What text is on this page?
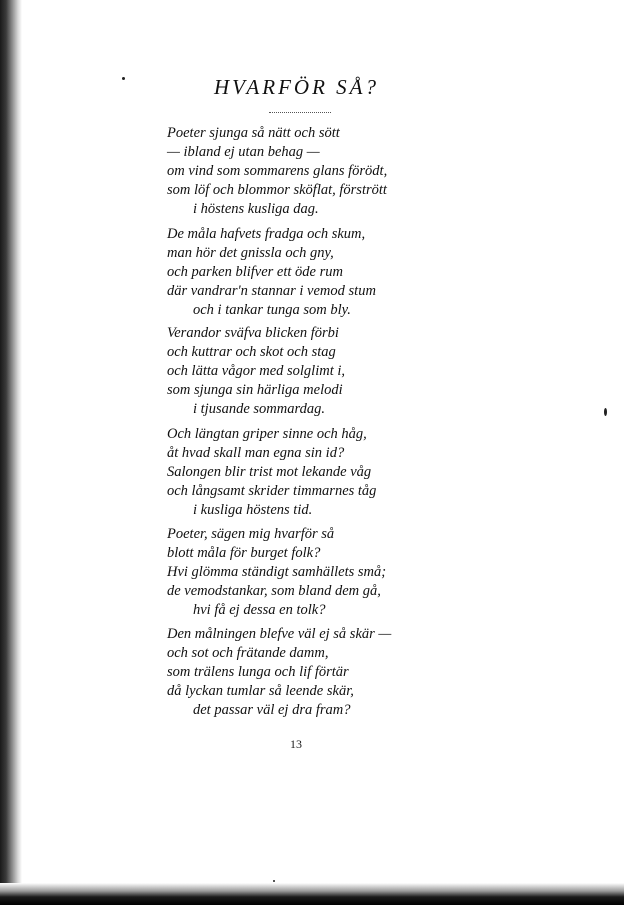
HVARFÖR SÅ?
Poeter sjunga så nätt och sött
— ibland ej utan behag —
om vind som sommarens glans förödt,
som löf och blommor sköflat, förstrött
i höstens kusliga dag.
De måla hafvets fradga och skum,
man hör det gnissla och gny,
och parken blifver ett öde rum
där vandrar'n stannar i vemod stum
och i tankar tunga som bly.
Verandor sväfva blicken förbi
och kuttrar och skot och stag
och lätta vågor med solglimt i,
som sjunga sin härliga melodi
i tjusande sommardag.
Och längtan griper sinne och håg,
åt hvad skall man egna sin id?
Salongen blir trist mot lekande våg
och långsamt skrider timmarnes tåg
i kusliga höstens tid.
Poeter, sägen mig hvarför så
blott måla för burget folk?
Hvi glömma ständigt samhällets små;
de vemodstankar, som bland dem gå,
hvi få ej dessa en tolk?
Den målningen blefve väl ej så skär —
och sot och frätande damm,
som trälens lunga och lif förtär
då lyckan tumlar så leende skär,
det passar väl ej dra fram?
13
